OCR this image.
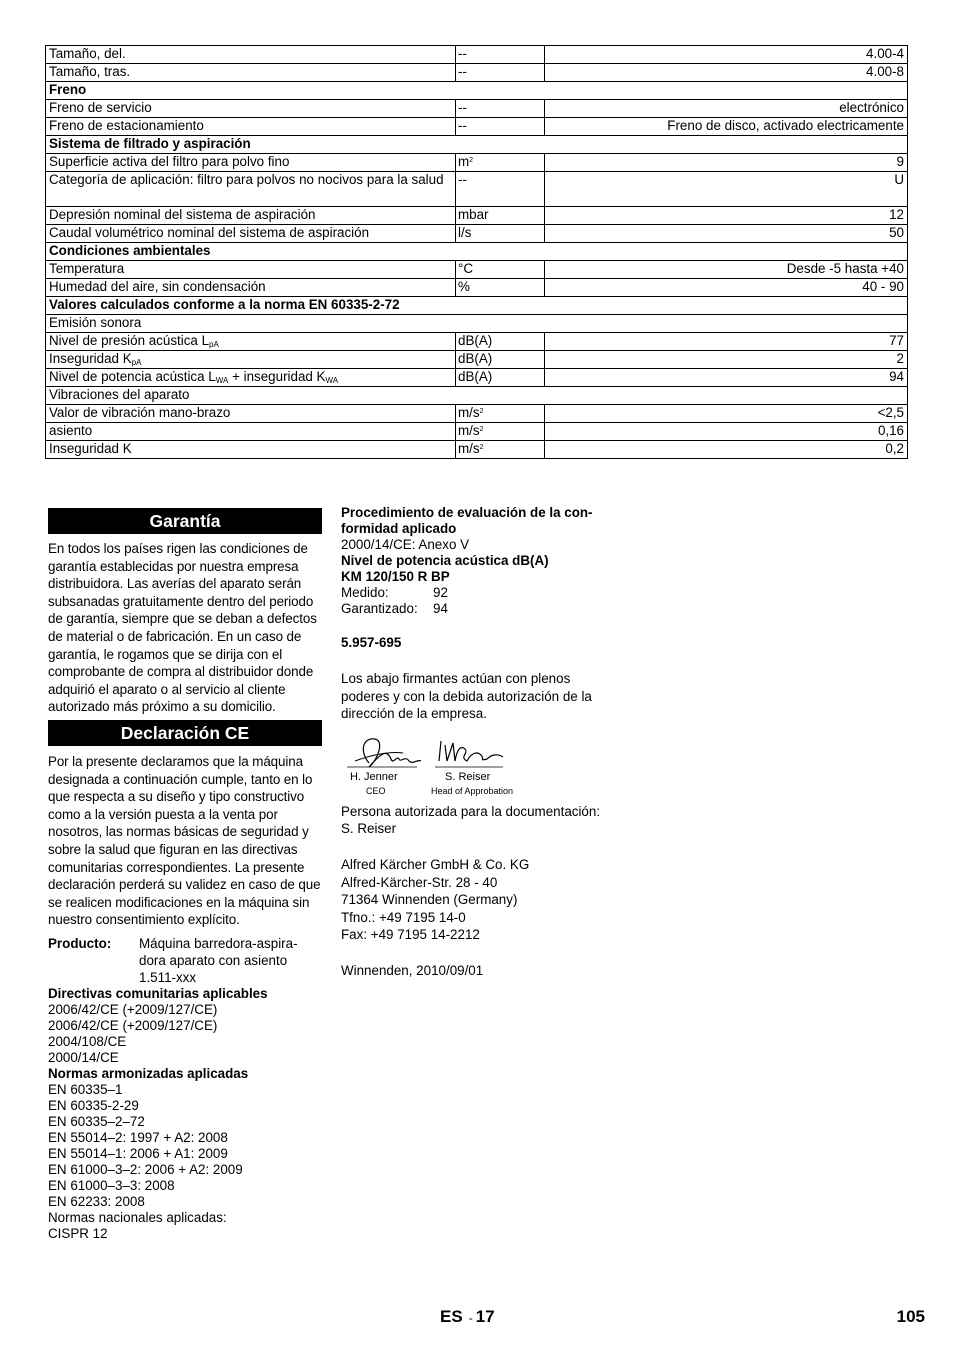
Tamaño, del.	--	4.00-4
Tamaño, tras.	--	4.00-8
Freno		
Freno de servicio	--	electrónico
Freno de estacionamiento	--	Freno de disco, activado electricamente
Sistema de filtrado y aspiración		
Superficie activa del filtro para polvo fino	$m^2$	9
Categoría de aplicación: filtro para polvos no nocivos para la salud	--	U
Depresión nominal del sistema de aspiración	mbar	12
Caudal volumétrico nominal del sistema de aspiración	l/s	50
Condiciones ambientales		
Temperatura	°C	Desde -5 hasta +40
Humedad del aire, sin condensación	%	40 - 90
Valores calculados conforme a la norma EN 60335-2-72		
Emisión sonora		
Nivel de presión acústica $L_{pA}$	dB(A)	77
Inseguridad $K_{pA}$	dB(A)	2
Nivel de potencia acústica $L_{WA}$ + inseguridad $K_{WA}$	dB(A)	94
Vibraciones del aparato		
Valor de vibración mano-brazo	$m/s^2$	<2,5
asiento	$m/s^2$	0,16
Inseguridad K	$m/s^2$	0,2
Garantía

En todos los países rigen las condiciones de garantía establecidas por nuestra empresa distribuidora. Las averías del aparato serán subsanadas gratuitamente dentro del periodo de garantía, siempre que se deban a defectos de material o de fabricación. En un caso de garantía, le rogamos que se dirija con el comprobante de compra al distribuidor donde adquirió el aparato o al servicio al cliente autorizado más próximo a su domicilio.

Declaración CE

Por la presente declaramos que la máquina designada a continuación cumple, tanto en lo que respecta a su diseño y tipo constructivo como a la versión puesta a la venta por nosotros, las normas básicas de seguridad y sobre la salud que figuran en las directivas comunitarias correspondientes. La presente declaración perderá su validez en caso de que se realicen modificaciones en la máquina sin nuestro consentimiento explícito.

Producto:	Máquina barredora-aspira-
dora aparato con asiento
1.511-xxx
Directivas comunitarias aplicables
2006/42/CE (+2009/127/CE)
2006/42/CE (+2009/127/CE)
2004/108/CE
2000/14/CE
Normas armonizadas aplicadas
EN 60335–1
EN 60335-2-29
EN 60335–2–72
EN 55014–2: 1997 + A2: 2008
EN 55014–1: 2006 + A1: 2009
EN 61000–3–2: 2006 + A2: 2009
EN 61000–3–3: 2008
EN 62233: 2008
Normas nacionales aplicadas:
CISPR 12
Procedimiento de evaluación de la con-
formidad aplicado
2000/14/CE: Anexo V
Nivel de potencia acústica dB(A)
KM 120/150 R BP
Medido:	92
Garantizado:	94
5.957-695

Los abajo firmantes actúan con plenos poderes y con la debida autorización de la dirección de la empresa.

H. Jenner
CEO
S. Reiser
Head of Approbation

Persona autorizada para la documentación:

S. Reiser
Alfred Kärcher GmbH & Co. KG
Alfred-Kärcher-Str. 28 - 40
71364 Winnenden (Germany)
Tfno.: +49 7195 14-0
Fax: +49 7195 14-2212
Winnenden, 2010/09/01
ES - 17	105
